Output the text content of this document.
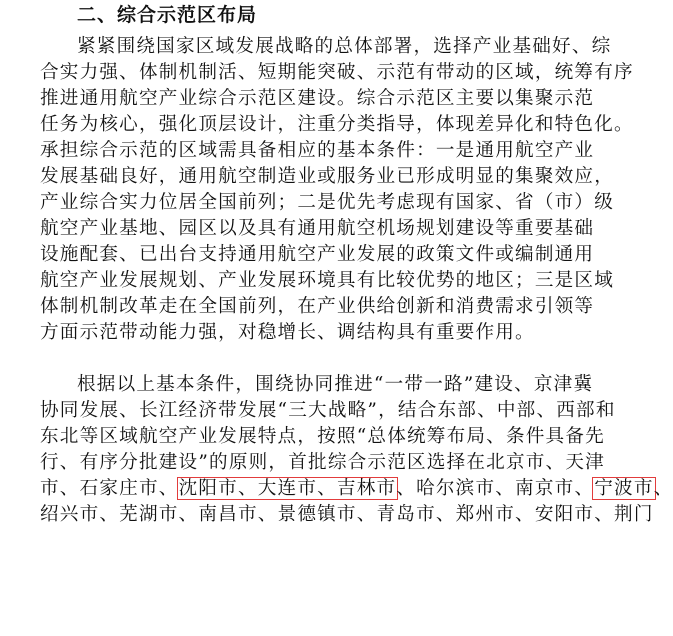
二、综合示范区布局
紧紧围绕国家区域发展战略的总体部署，选择产业基础好、综
合实力强、体制机制活、短期能突破、示范有带动的区域，统筹有序
推进通用航空产业综合示范区建设。综合示范区主要以集聚示范
任务为核心，强化顶层设计，注重分类指导，体现差异化和特色化。
承担综合示范的区域需具备相应的基本条件：一是通用航空产业
发展基础良好，通用航空制造业或服务业已形成明显的集聚效应，
产业综合实力位居全国前列；二是优先考虑现有国家、省（市）级
航空产业基地、园区以及具有通用航空机场规划建设等重要基础
设施配套、已出台支持通用航空产业发展的政策文件或编制通用
航空产业发展规划、产业发展环境具有比较优势的地区；三是区域
体制机制改革走在全国前列，在产业供给创新和消费需求引领等
方面示范带动能力强，对稳增长、调结构具有重要作用。
根据以上基本条件，围绕协同推进“一带一路”建设、京津冀
协同发展、长江经济带发展“三大战略”，结合东部、中部、西部和
东北等区域航空产业发展特点，按照“总体统筹布局、条件具备先
行、有序分批建设”的原则，首批综合示范区选择在北京市、天津
市、石家庄市、沈阳市、大连市、吉林市、哈尔滨市、南京市、宁波市、
绍兴市、芜湖市、南昌市、景德镇市、青岛市、郑州市、安阳市、荆门
